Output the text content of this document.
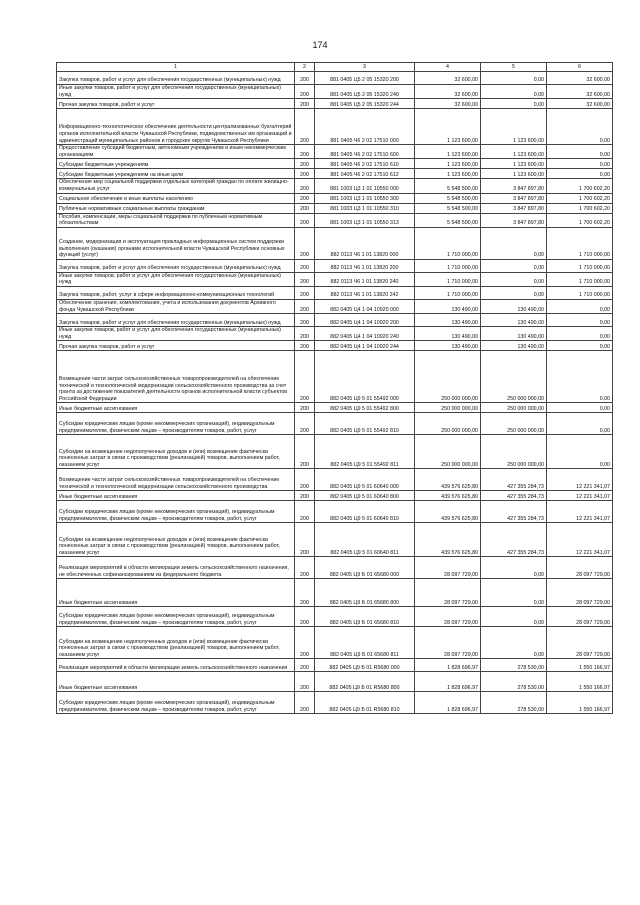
174
1	2	3	4	5	6
Закупка товаров, работ и услуг для обеспечения государственных (муниципальных) нужд	200	881 0405 Ц5 2 05 15320 200	32 600,00	0,00	32 600,00
Иные закупки товаров, работ и услуг для обеспечения государственных (муниципальных) нужд	200	881 0405 Ц5 2 05 15320 240	32 600,00	0,00	32 600,00
Прочая закупка товаров, работ и услуг	200	881 0405 Ц5 2 05 15320 244	32 600,00	0,00	32 600,00
Информационно-технологическое обеспечение деятельности централизованных бухгалтерий органов исполнительной власти Чувашской Республики, подведомственных им организаций и администраций муниципальных районов и городских округов Чувашской Республики	200	881 0405 Ч6 2 02 17510 000	1 123 600,00	1 123 600,00	0,00
Предоставление субсидий бюджетным, автономным учреждениям и иным некоммерческим организациям	200	881 0405 Ч6 2 02 17510 600	1 123 600,00	1 123 600,00	0,00
Субсидии бюджетным учреждениям	200	881 0405 Ч6 2 02 17510 610	1 123 600,00	1 123 600,00	0,00
Субсидии бюджетным учреждениям на иные цели	200	881 0405 Ч6 2 02 17510 612	1 123 600,00	1 123 600,00	0,00
Обеспечение мер социальной поддержки отдельных категорий граждан по оплате жилищно-коммунальных услуг	200	881 1003 Ц3 1 01 10550 000	5 548 500,00	3 847 897,80	1 700 602,20
Социальное обеспечение и иные выплаты населению	200	881 1003 Ц3 1 01 10550 300	5 548 500,00	3 847 897,80	1 700 602,20
Публичные нормативные социальные выплаты гражданам	200	881 1003 Ц3 1 01 10550 310	5 548 500,00	3 847 897,80	1 700 602,20
Пособия, компенсации, меры социальной поддержки по публичным нормативным обязательствам	200	881 1003 Ц3 1 01 10550 313	5 548 500,00	3 847 897,80	1 700 602,20
Создание, модернизация и эксплуатация прикладных информационных систем поддержки выполнения (оказания) органами исполнительной власти Чувашской Республики основных функций (услуг)	200	882 0113 Ч6 1 01 13820 000	1 710 000,00	0,00	1 710 000,00
Закупка товаров, работ и услуг для обеспечения государственных (муниципальных) нужд	200	882 0113 Ч6 1 01 13820 200	1 710 000,00	0,00	1 710 000,00
Иные закупки товаров, работ и услуг для обеспечения государственных (муниципальных) нужд	200	882 0113 Ч6 1 01 13820 240	1 710 000,00	0,00	1 710 000,00
Закупка товаров, работ, услуг в сфере информационно-коммуникационных технологий	200	882 0113 Ч6 1 01 13820 242	1 710 000,00	0,00	1 710 000,00
Обеспечение хранения, комплектования, учета и использования документов Архивного фонда Чувашской Республики	200	882 0405 Ц4 1 04 10920 000	130 490,00	130 490,00	0,00
Закупка товаров, работ и услуг для обеспечения государственных (муниципальных) нужд	200	882 0405 Ц4 1 04 10920 200	130 490,00	130 490,00	0,00
Иные закупки товаров, работ и услуг для обеспечения государственных (муниципальных) нужд	200	882 0405 Ц4 1 04 10920 240	130 490,00	130 490,00	0,00
Прочая закупка товаров, работ и услуг	200	882 0405 Ц4 1 04 10920 244	130 490,00	130 490,00	0,00
Возмещение части затрат сельскохозяйственных товаропроизводителей на обеспечение технической и технологической модернизации сельскохозяйственного производства за счет гранта за достижение показателей деятельности органов исполнительной власти субъектов Российской Федерации	200	882 0405 Ц9 5 01 55492 000	250 000 000,00	250 000 000,00	0,00
Иные бюджетные ассигнования	200	882 0405 Ц9 5 01 55492 800	250 000 000,00	250 000 000,00	0,00
Субсидии юридическим лицам (кроме некоммерческих организаций), индивидуальным предпринимателям, физическим лицам – производителям товаров, работ, услуг	200	882 0405 Ц9 5 01 55492 810	250 000 000,00	250 000 000,00	0,00
Субсидии на возмещение недополученных доходов и (или) возмещение фактически понесенных затрат в связи с производством (реализацией) товаров, выполнением работ, оказанием услуг	200	882 0405 Ц9 5 01 55492 811	250 000 000,00	250 000 000,00	0,00
Возмещение части затрат сельскохозяйственных товаропроизводителей на обеспечение технической и технологической модернизации сельскохозяйственного производства	200	882 0405 Ц9 5 01 60640 000	439 576 625,80	427 355 284,73	12 221 341,07
Иные бюджетные ассигнования	200	882 0405 Ц9 5 01 60640 800	439 576 625,80	427 355 284,73	12 221 341,07
Субсидии юридическим лицам (кроме некоммерческих организаций), индивидуальным предпринимателям, физическим лицам – производителям товаров, работ, услуг	200	882 0405 Ц9 5 01 60640 810	439 576 625,80	427 355 284,73	12 221 341,07
Субсидии на возмещение недополученных доходов и (или) возмещение фактически понесенных затрат в связи с производством (реализацией) товаров, выполнением работ, оказанием услуг	200	882 0405 Ц9 5 01 60640 811	439 576 625,80	427 355 284,73	12 221 341,07
Реализация мероприятий в области мелиорации земель сельскохозяйственного назначения, не обеспеченных софинансированием из федерального бюджета	200	882 0405 Ц9 Б 01 65680 000	28 097 729,00	0,00	28 097 729,00
Иные бюджетные ассигнования	200	882 0405 Ц9 Б 01 65680 800	28 097 729,00	0,00	28 097 729,00
Субсидии юридическим лицам (кроме некоммерческих организаций), индивидуальным предпринимателям, физическим лицам – производителям товаров, работ, услуг	200	882 0405 Ц9 Б 01 65680 810	28 097 729,00	0,00	28 097 729,00
Субсидии на возмещение недополученных доходов и (или) возмещение фактически понесенных затрат в связи с производством (реализацией) товаров, выполнением работ, оказанием услуг	200	882 0405 Ц9 Б 01 65680 811	28 097 729,00	0,00	28 097 729,00
Реализация мероприятий в области мелиорации земель сельскохозяйственного назначения	200	882 0405 Ц9 Б 01 R5680 000	1 828 696,97	278 530,00	1 550 166,97
Иные бюджетные ассигнования	200	882 0405 Ц9 Б 01 R5680 800	1 828 696,97	278 530,00	1 550 166,97
Субсидии юридическим лицам (кроме некоммерческих организаций), индивидуальным предпринимателям, физическим лицам – производителям товаров, работ, услуг	200	882 0405 Ц9 Б 01 R5680 810	1 828 696,97	278 530,00	1 550 166,97
